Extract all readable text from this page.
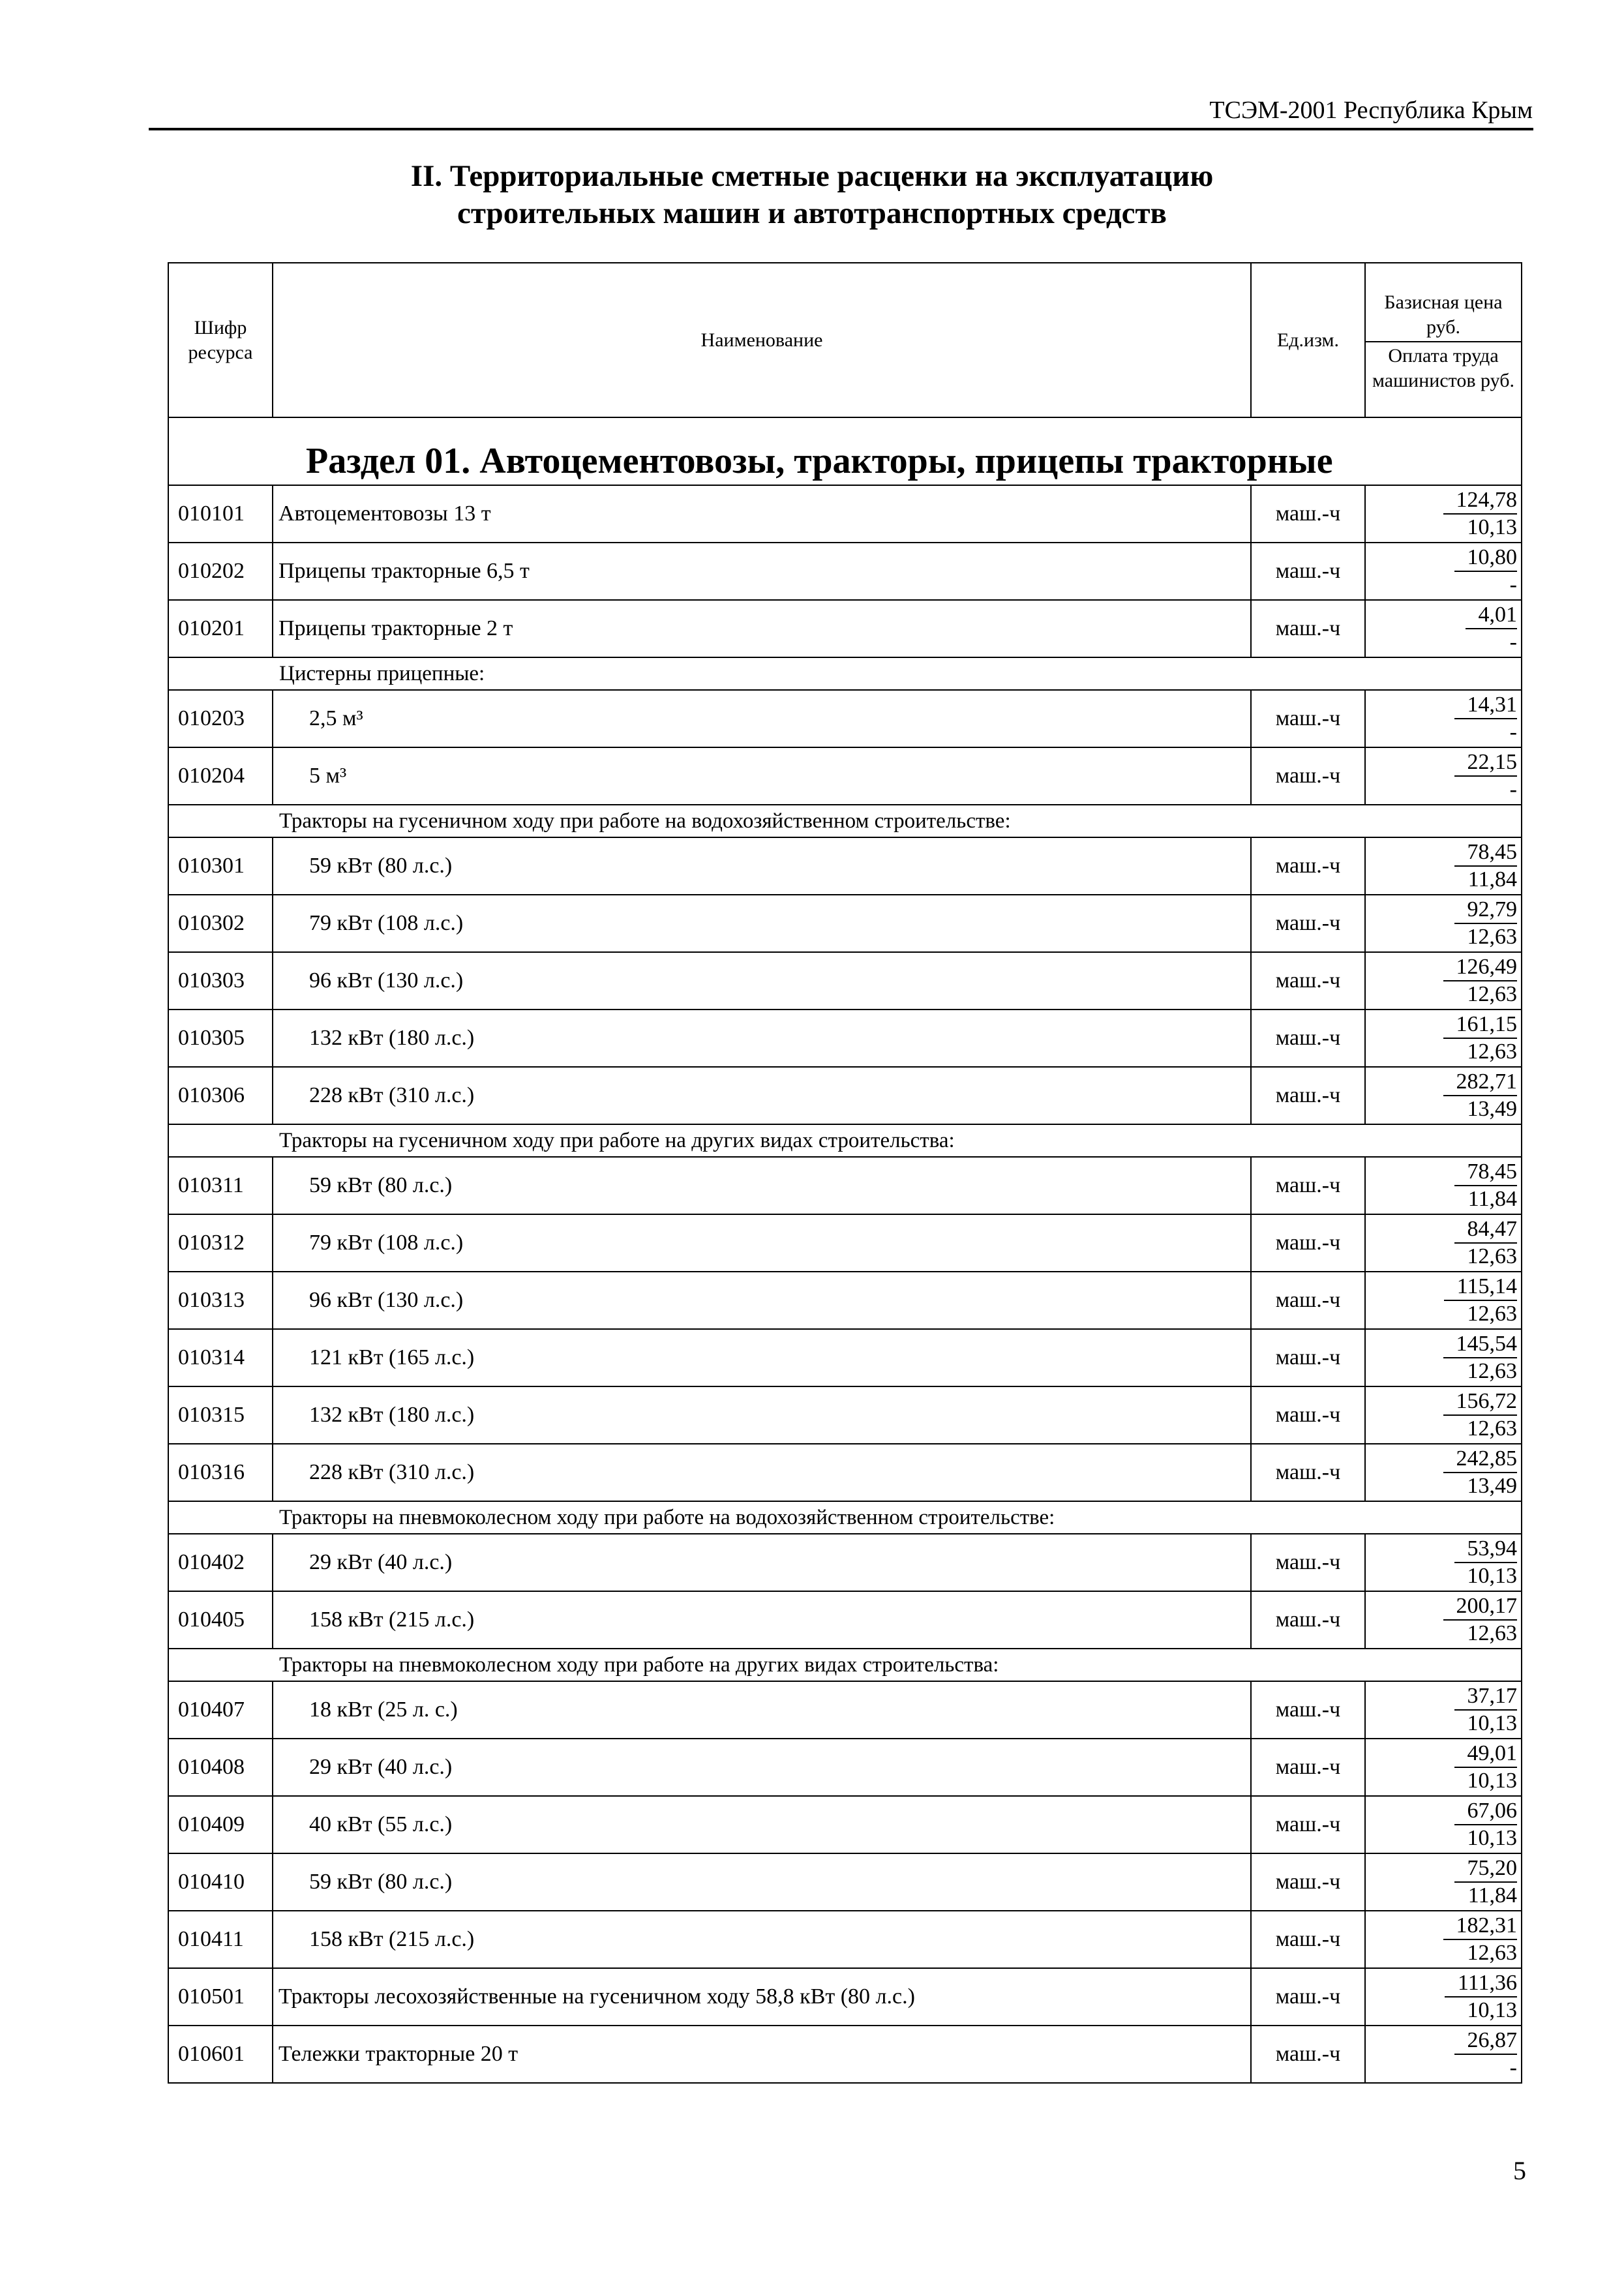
ТСЭМ-2001 Республика Крым
II. Территориальные сметные расценки на эксплуатацию
строительных машин и автотранспортных средств
Шифр ресурса	Наименование	Ед.изм.	Базисная цена руб.
			Оплата труда машинистов руб.
Раздел 01. Автоцементовозы, тракторы, прицепы тракторные			
010101	Автоцементовозы 13 т	маш.-ч	124,78
10,13

010202	Прицепы тракторные 6,5 т	маш.-ч	10,80
-

010201	Прицепы тракторные 2 т	маш.-ч	4,01
-

Цистерны прицепные:			
010203	2,5 м³	маш.-ч	14,31
-

010204	5 м³	маш.-ч	22,15
-

Тракторы на гусеничном ходу при работе на водохозяйственном строительстве:			
010301	59 кВт (80 л.с.)	маш.-ч	78,45
11,84

010302	79 кВт (108 л.с.)	маш.-ч	92,79
12,63

010303	96 кВт (130 л.с.)	маш.-ч	126,49
12,63

010305	132 кВт (180 л.с.)	маш.-ч	161,15
12,63

010306	228 кВт (310 л.с.)	маш.-ч	282,71
13,49

Тракторы на гусеничном ходу при работе на других видах строительства:			
010311	59 кВт (80 л.с.)	маш.-ч	78,45
11,84

010312	79 кВт (108 л.с.)	маш.-ч	84,47
12,63

010313	96 кВт (130 л.с.)	маш.-ч	115,14
12,63

010314	121 кВт (165 л.с.)	маш.-ч	145,54
12,63

010315	132 кВт (180 л.с.)	маш.-ч	156,72
12,63

010316	228 кВт (310 л.с.)	маш.-ч	242,85
13,49

Тракторы на пневмоколесном ходу при работе на водохозяйственном строительстве:			
010402	29 кВт (40 л.с.)	маш.-ч	53,94
10,13

010405	158 кВт (215 л.с.)	маш.-ч	200,17
12,63

Тракторы на пневмоколесном ходу при работе на других видах строительства:			
010407	18 кВт (25 л. с.)	маш.-ч	37,17
10,13

010408	29 кВт (40 л.с.)	маш.-ч	49,01
10,13

010409	40 кВт (55 л.с.)	маш.-ч	67,06
10,13

010410	59 кВт (80 л.с.)	маш.-ч	75,20
11,84

010411	158 кВт (215 л.с.)	маш.-ч	182,31
12,63

010501	Тракторы лесохозяйственные на гусеничном ходу 58,8 кВт (80 л.с.)	маш.-ч	111,36
10,13

010601	Тележки тракторные 20 т	маш.-ч	26,87
-
5
